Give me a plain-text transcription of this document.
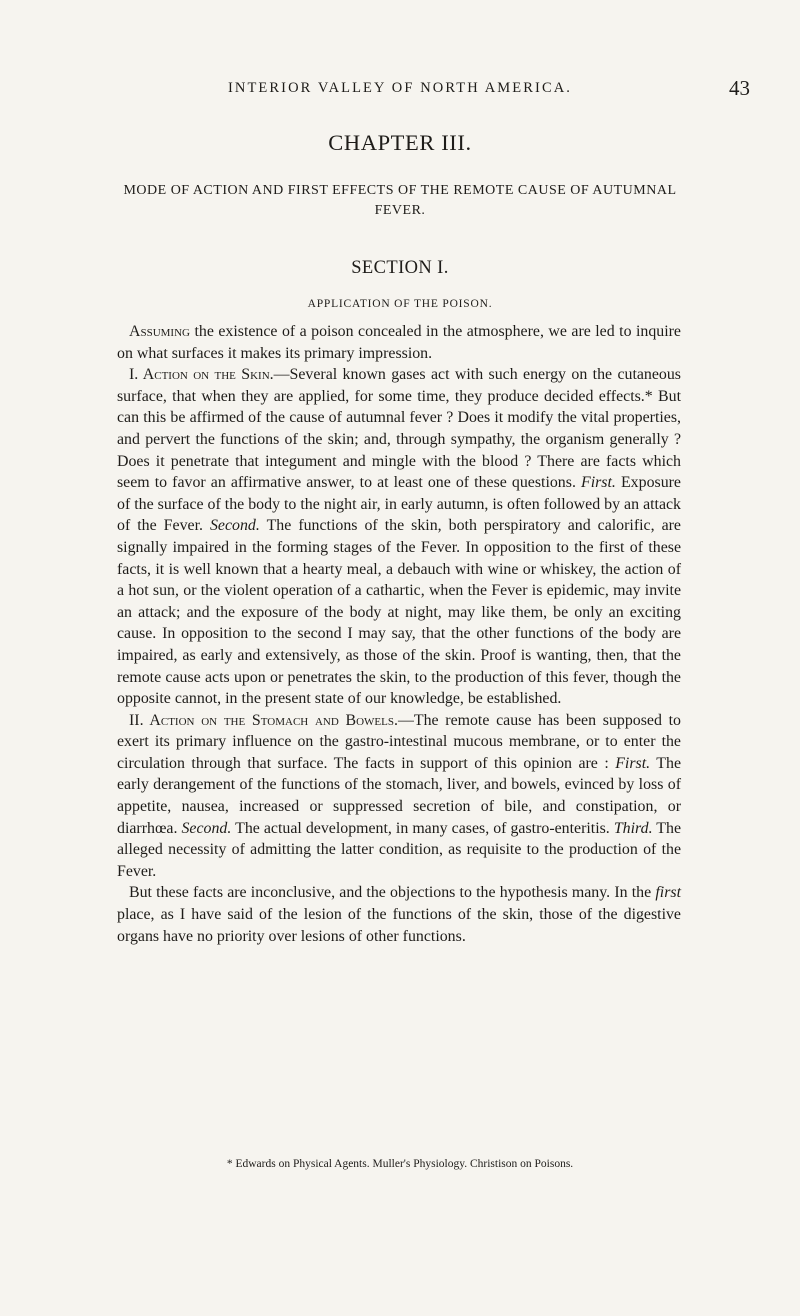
INTERIOR VALLEY OF NORTH AMERICA.	43
CHAPTER III.
MODE OF ACTION AND FIRST EFFECTS OF THE REMOTE CAUSE OF AUTUMNAL FEVER.
SECTION I.
APPLICATION OF THE POISON.

Assuming the existence of a poison concealed in the atmosphere, we are led to inquire on what surfaces it makes its primary impression.

I. Action on the Skin.—Several known gases act with such energy on the cutaneous surface, that when they are applied, for some time, they produce decided effects.* But can this be affirmed of the cause of autumnal fever ? Does it modify the vital properties, and pervert the functions of the skin; and, through sympathy, the organism generally ? Does it penetrate that integument and mingle with the blood ? There are facts which seem to favor an affirmative answer, to at least one of these questions. First. Exposure of the surface of the body to the night air, in early autumn, is often followed by an attack of the Fever. Second. The functions of the skin, both perspiratory and calorific, are signally impaired in the forming stages of the Fever. In opposition to the first of these facts, it is well known that a hearty meal, a debauch with wine or whiskey, the action of a hot sun, or the violent operation of a cathartic, when the Fever is epidemic, may invite an attack; and the exposure of the body at night, may like them, be only an exciting cause. In opposition to the second I may say, that the other functions of the body are impaired, as early and extensively, as those of the skin. Proof is wanting, then, that the remote cause acts upon or penetrates the skin, to the production of this fever, though the opposite cannot, in the present state of our knowledge, be established.

II. Action on the Stomach and Bowels.—The remote cause has been supposed to exert its primary influence on the gastro-intestinal mucous membrane, or to enter the circulation through that surface. The facts in support of this opinion are : First. The early derangement of the functions of the stomach, liver, and bowels, evinced by loss of appetite, nausea, increased or suppressed secretion of bile, and constipation, or diarrhœa. Second. The actual development, in many cases, of gastro-enteritis. Third. The alleged necessity of admitting the latter condition, as requisite to the production of the Fever.

But these facts are inconclusive, and the objections to the hypothesis many. In the first place, as I have said of the lesion of the functions of the skin, those of the digestive organs have no priority over lesions of other functions.

* Edwards on Physical Agents. Muller's Physiology. Christison on Poisons.
